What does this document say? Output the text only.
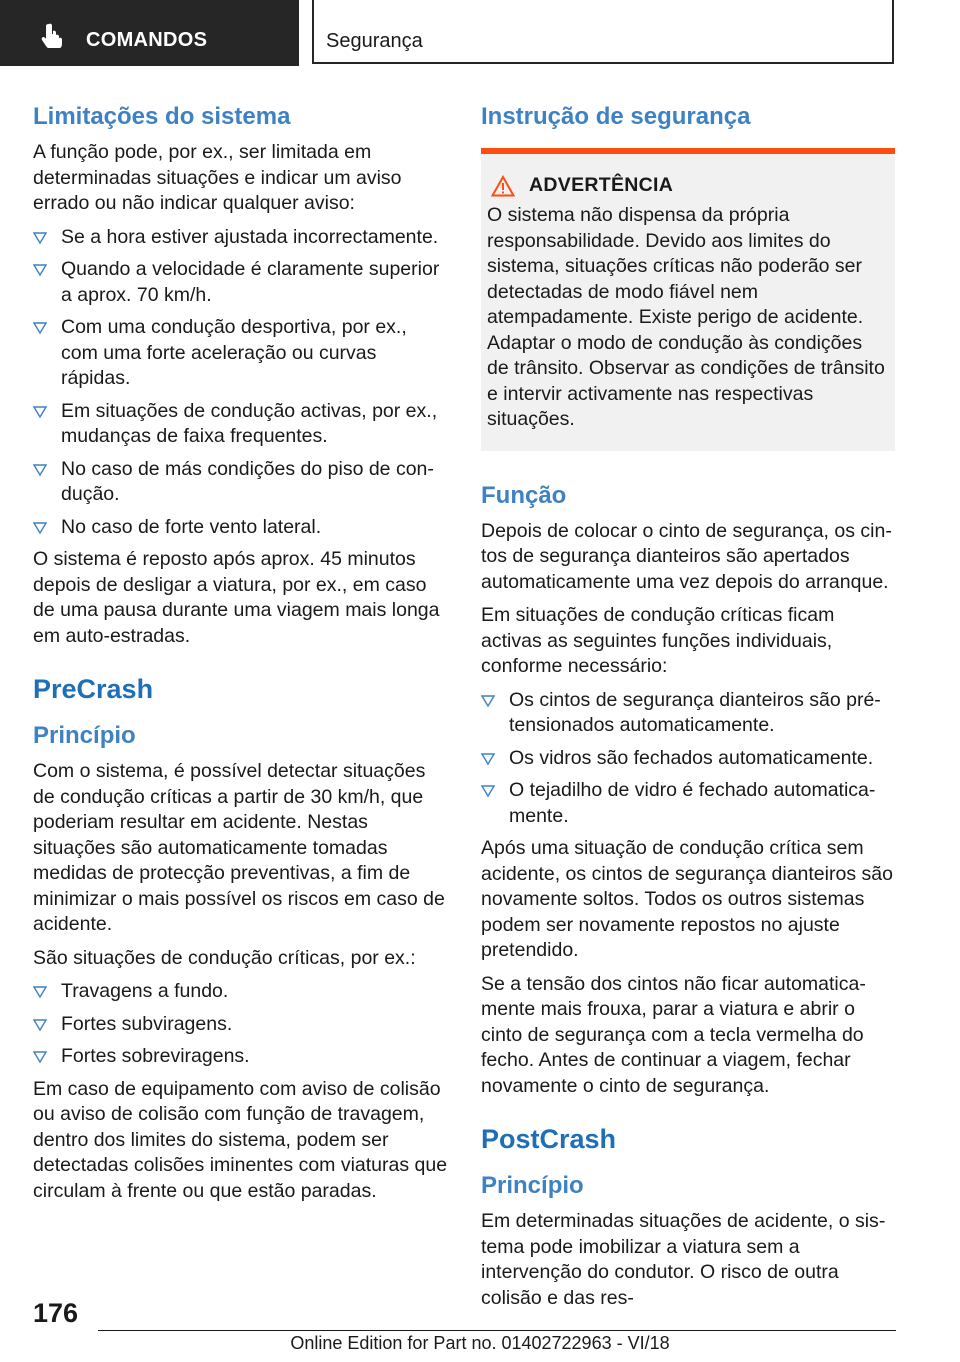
COMANDOS	Segurança
Limitações do sistema

A função pode, por ex., ser limitada em determinadas situações e indicar um aviso errado ou não indicar qualquer aviso:

Se a hora estiver ajustada incorrectamente.
Quando a velocidade é claramente superior a aprox. 70 km/h.
Com uma condução desportiva, por ex., com uma forte aceleração ou curvas rápidas.
Em situações de condução activas, por ex., mudanças de faixa frequentes.
No caso de más condições do piso de condução.
No caso de forte vento lateral.

O sistema é reposto após aprox. 45 minutos depois de desligar a viatura, por ex., em caso de uma pausa durante uma viagem mais longa em auto-estradas.

PreCrash
Princípio

Com o sistema, é possível detectar situações de condução críticas a partir de 30 km/h, que poderiam resultar em acidente. Nestas situações são automaticamente tomadas medidas de protecção preventivas, a fim de minimizar o mais possível os riscos em caso de acidente.

São situações de condução críticas, por ex.:

Travagens a fundo.
Fortes subviragens.
Fortes sobreviragens.

Em caso de equipamento com aviso de colisão ou aviso de colisão com função de travagem, dentro dos limites do sistema, podem ser detectadas colisões iminentes com viaturas que circulam à frente ou que estão paradas.

Instrução de segurança
ADVERTÊNCIA

O sistema não dispensa da própria responsabilidade. Devido aos limites do sistema, situações críticas não poderão ser detectadas de modo fiável nem atempadamente. Existe perigo de acidente. Adaptar o modo de condução às condições de trânsito. Observar as condições de trânsito e intervir activamente nas respectivas situações.

Função

Depois de colocar o cinto de segurança, os cintos de segurança dianteiros são apertados automaticamente uma vez depois do arranque.

Em situações de condução críticas ficam activas as seguintes funções individuais, conforme necessário:

Os cintos de segurança dianteiros são pré-tensionados automaticamente.
Os vidros são fechados automaticamente.
O tejadilho de vidro é fechado automaticamente.

Após uma situação de condução crítica sem acidente, os cintos de segurança dianteiros são novamente soltos. Todos os outros sistemas podem ser novamente repostos no ajuste pretendido.

Se a tensão dos cintos não ficar automaticamente mais frouxa, parar a viatura e abrir o cinto de segurança com a tecla vermelha do fecho. Antes de continuar a viagem, fechar novamente o cinto de segurança.

PostCrash
Princípio

Em determinadas situações de acidente, o sistema pode imobilizar a viatura sem a intervenção do condutor. O risco de outra colisão e das res-

176
Online Edition for Part no. 01402722963 - VI/18
